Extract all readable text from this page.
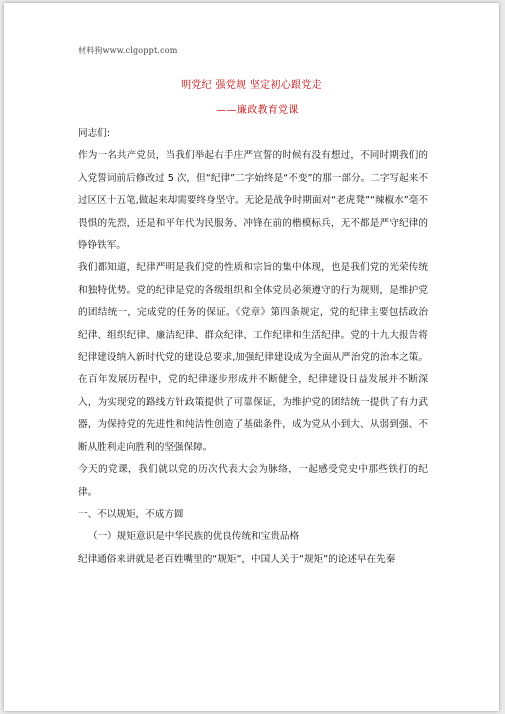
材料狗www.clgoppt.com
明党纪 强党规 坚定初心跟党走
——廉政教育党课

同志们:

作为一名共产党员，当我们举起右手庄严宣誓的时候有没有想过，不同时期我们的入党誓词前后修改过 5 次，但“纪律”二字始终是“不变”的那一部分。二字写起来不过区区十五笔,做起来却需要终身坚守。无论是战争时期面对“老虎凳”“辣椒水”毫不畏惧的先烈，还是和平年代为民服务、冲锋在前的楷模标兵，无不都是严守纪律的铮铮铁军。

我们都知道，纪律严明是我们党的性质和宗旨的集中体现，也是我们党的光荣传统和独特优势。党的纪律是党的各级组织和全体党员必须遵守的行为规则，是维护党的团结统一，完成党的任务的保证。《党章》第四条规定，党的纪律主要包括政治纪律、组织纪律、廉洁纪律、群众纪律、工作纪律和生活纪律。党的十九大报告将纪律建设纳入新时代党的建设总要求,加强纪律建设成为全面从严治党的治本之策。在百年发展历程中，党的纪律逐步形成并不断健全，纪律建设日益发展并不断深入，为实现党的路线方针政策提供了可靠保证，为维护党的团结统一提供了有力武器，为保持党的先进性和纯洁性创造了基础条件，成为党从小到大、从弱到强、不断从胜利走向胜利的坚强保障。

今天的党课，我们就以党的历次代表大会为脉络，一起感受党史中那些铁打的纪律。

一、不以规矩，不成方圆

（一）规矩意识是中华民族的优良传统和宝贵品格

纪律通俗来讲就是老百姓嘴里的“规矩”，中国人关于“规矩”的论述早在先秦
